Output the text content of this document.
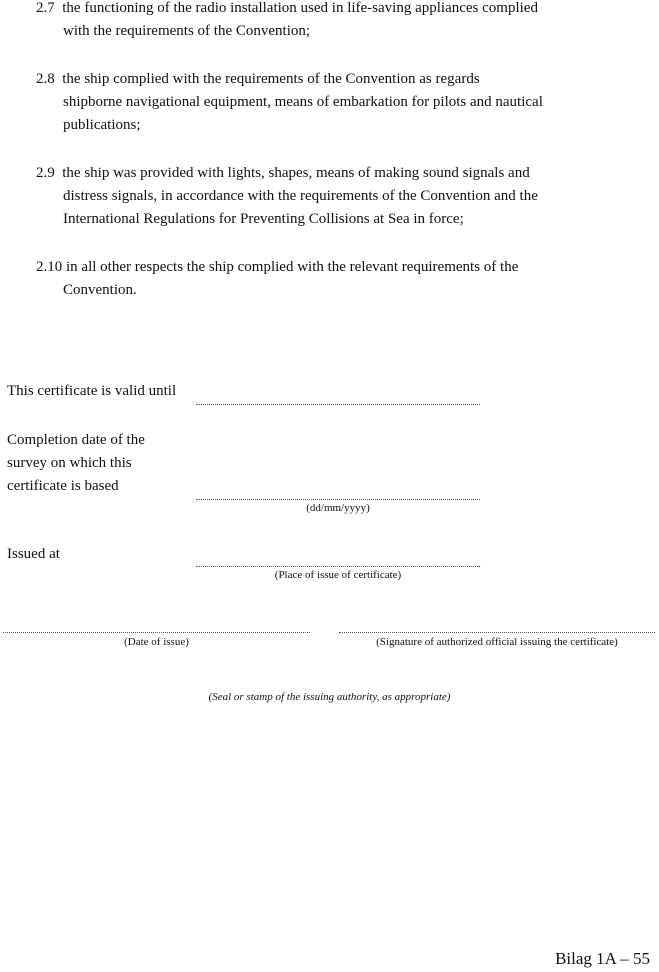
2.7 the functioning of the radio installation used in life-saving appliances complied
with the requirements of the Convention;
2.8 the ship complied with the requirements of the Convention as regards
shipborne navigational equipment, means of embarkation for pilots and nautical
publications;
2.9 the ship was provided with lights, shapes, means of making sound signals and
distress signals, in accordance with the requirements of the Convention and the
International Regulations for Preventing Collisions at Sea in force;
2.10 in all other respects the ship complied with the relevant requirements of the
Convention.
This certificate is valid until
Completion date of the
survey on which this
certificate is based
(dd/mm/yyyy)
Issued at
.
(Place of issue of certificate)
(Date of issue)	(Signature of authorized official issuing the certificate)
(Seal or stamp of the issuing authority, as appropriate)
Bilag 1A – 55
